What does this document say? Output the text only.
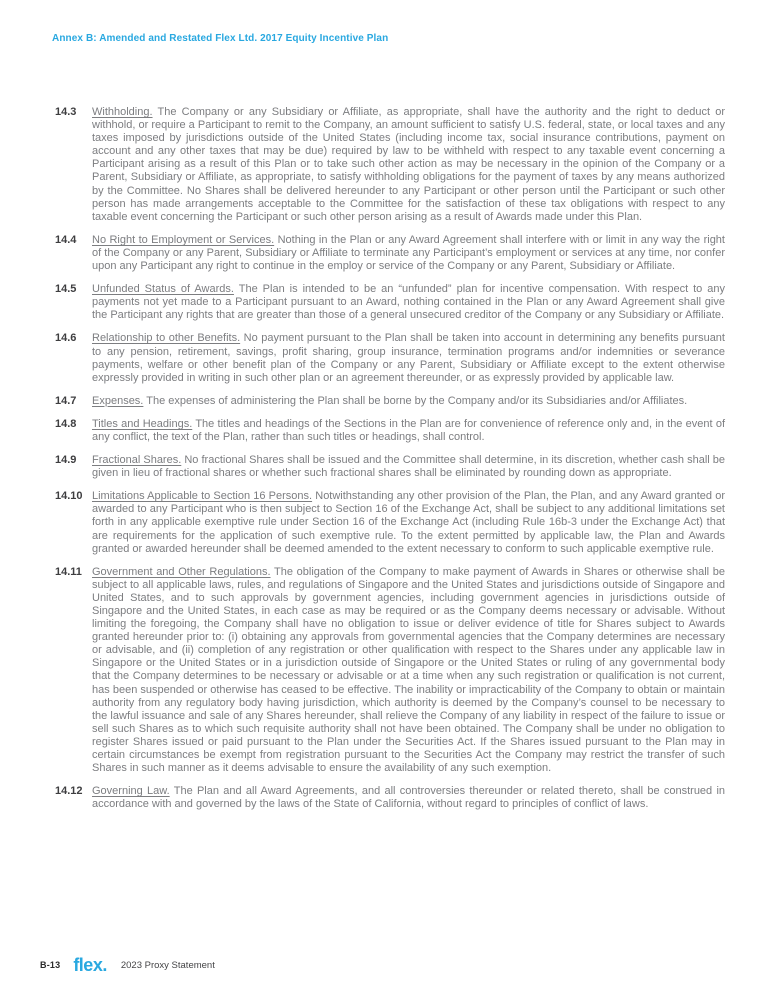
Annex B: Amended and Restated Flex Ltd. 2017 Equity Incentive Plan
14.3	Withholding. The Company or any Subsidiary or Affiliate, as appropriate, shall have the authority and the right to deduct or withhold, or require a Participant to remit to the Company, an amount sufficient to satisfy U.S. federal, state, or local taxes and any taxes imposed by jurisdictions outside of the United States (including income tax, social insurance contributions, payment on account and any other taxes that may be due) required by law to be withheld with respect to any taxable event concerning a Participant arising as a result of this Plan or to take such other action as may be necessary in the opinion of the Company or a Parent, Subsidiary or Affiliate, as appropriate, to satisfy withholding obligations for the payment of taxes by any means authorized by the Committee. No Shares shall be delivered hereunder to any Participant or other person until the Participant or such other person has made arrangements acceptable to the Committee for the satisfaction of these tax obligations with respect to any taxable event concerning the Participant or such other person arising as a result of Awards made under this Plan.
14.4	No Right to Employment or Services. Nothing in the Plan or any Award Agreement shall interfere with or limit in any way the right of the Company or any Parent, Subsidiary or Affiliate to terminate any Participant’s employment or services at any time, nor confer upon any Participant any right to continue in the employ or service of the Company or any Parent, Subsidiary or Affiliate.
14.5	Unfunded Status of Awards. The Plan is intended to be an “unfunded” plan for incentive compensation. With respect to any payments not yet made to a Participant pursuant to an Award, nothing contained in the Plan or any Award Agreement shall give the Participant any rights that are greater than those of a general unsecured creditor of the Company or any Subsidiary or Affiliate.
14.6	Relationship to other Benefits. No payment pursuant to the Plan shall be taken into account in determining any benefits pursuant to any pension, retirement, savings, profit sharing, group insurance, termination programs and/or indemnities or severance payments, welfare or other benefit plan of the Company or any Parent, Subsidiary or Affiliate except to the extent otherwise expressly provided in writing in such other plan or an agreement thereunder, or as expressly provided by applicable law.
14.7	Expenses. The expenses of administering the Plan shall be borne by the Company and/or its Subsidiaries and/or Affiliates.
14.8	Titles and Headings. The titles and headings of the Sections in the Plan are for convenience of reference only and, in the event of any conflict, the text of the Plan, rather than such titles or headings, shall control.
14.9	Fractional Shares. No fractional Shares shall be issued and the Committee shall determine, in its discretion, whether cash shall be given in lieu of fractional shares or whether such fractional shares shall be eliminated by rounding down as appropriate.
14.10 Limitations Applicable to Section 16 Persons. Notwithstanding any other provision of the Plan, the Plan, and any Award granted or awarded to any Participant who is then subject to Section 16 of the Exchange Act, shall be subject to any additional limitations set forth in any applicable exemptive rule under Section 16 of the Exchange Act (including Rule 16b-3 under the Exchange Act) that are requirements for the application of such exemptive rule. To the extent permitted by applicable law, the Plan and Awards granted or awarded hereunder shall be deemed amended to the extent necessary to conform to such applicable exemptive rule.
14.11 Government and Other Regulations. The obligation of the Company to make payment of Awards in Shares or otherwise shall be subject to all applicable laws, rules, and regulations of Singapore and the United States and jurisdictions outside of Singapore and United States, and to such approvals by government agencies, including government agencies in jurisdictions outside of Singapore and the United States, in each case as may be required or as the Company deems necessary or advisable. Without limiting the foregoing, the Company shall have no obligation to issue or deliver evidence of title for Shares subject to Awards granted hereunder prior to: (i) obtaining any approvals from governmental agencies that the Company determines are necessary or advisable, and (ii) completion of any registration or other qualification with respect to the Shares under any applicable law in Singapore or the United States or in a jurisdiction outside of Singapore or the United States or ruling of any governmental body that the Company determines to be necessary or advisable or at a time when any such registration or qualification is not current, has been suspended or otherwise has ceased to be effective. The inability or impracticability of the Company to obtain or maintain authority from any regulatory body having jurisdiction, which authority is deemed by the Company’s counsel to be necessary to the lawful issuance and sale of any Shares hereunder, shall relieve the Company of any liability in respect of the failure to issue or sell such Shares as to which such requisite authority shall not have been obtained. The Company shall be under no obligation to register Shares issued or paid pursuant to the Plan under the Securities Act. If the Shares issued pursuant to the Plan may in certain circumstances be exempt from registration pursuant to the Securities Act the Company may restrict the transfer of such Shares in such manner as it deems advisable to ensure the availability of any such exemption.
14.12 Governing Law. The Plan and all Award Agreements, and all controversies thereunder or related thereto, shall be construed in accordance with and governed by the laws of the State of California, without regard to principles of conflict of laws.
B-13 flex. 2023 Proxy Statement
